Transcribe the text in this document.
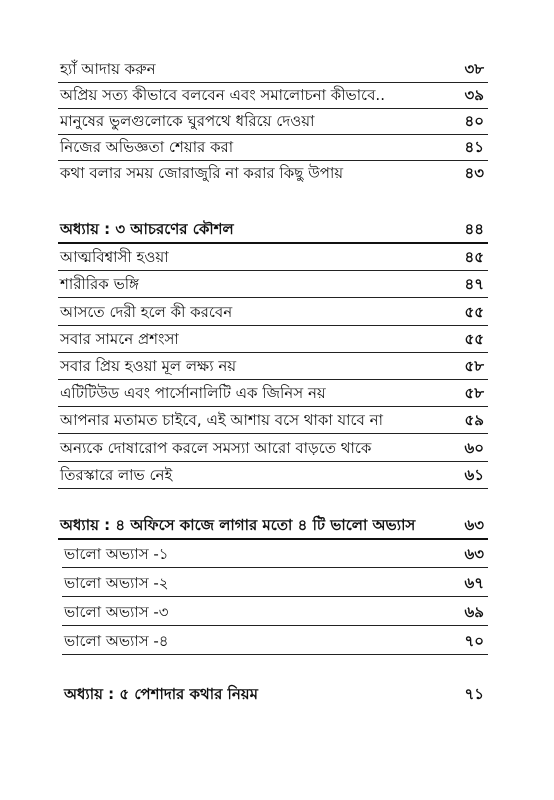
হ্যাঁ আদায় করুন	৩৮
অপ্রিয় সত্য কীভাবে বলবেন এবং সমালোচনা কীভাবে..	৩৯
মানুষের ভুলগুলোকে ঘুরপথে ধরিয়ে দেওয়া	৪০
নিজের অভিজ্ঞতা শেয়ার করা	৪১
কথা বলার সময় জোরাজুরি না করার কিছু উপায়	৪৩
অধ্যায় : ৩ আচরণের কৌশল	৪৪
আত্মবিশ্বাসী হওয়া	৪৫
শারীরিক ভঙ্গি	৪৭
আসতে দেরী হলে কী করবেন	৫৫
সবার সামনে প্রশংসা	৫৫
সবার প্রিয় হওয়া মূল লক্ষ্য নয়	৫৮
এটিটিউড এবং পার্সোনালিটি এক জিনিস নয়	৫৮
আপনার মতামত চাইবে, এই আশায় বসে থাকা যাবে না	৫৯
অন্যকে দোষারোপ করলে সমস্যা আরো বাড়তে থাকে	৬০
তিরস্কারে লাভ নেই	৬১
অধ্যায় : ৪ অফিসে কাজে লাগার মতো ৪ টি ভালো অভ্যাস	৬৩
ভালো অভ্যাস -১	৬৩
ভালো অভ্যাস -২	৬৭
ভালো অভ্যাস -৩	৬৯
ভালো অভ্যাস -৪	৭০
অধ্যায় : ৫ পেশাদার কথার নিয়ম	৭১
